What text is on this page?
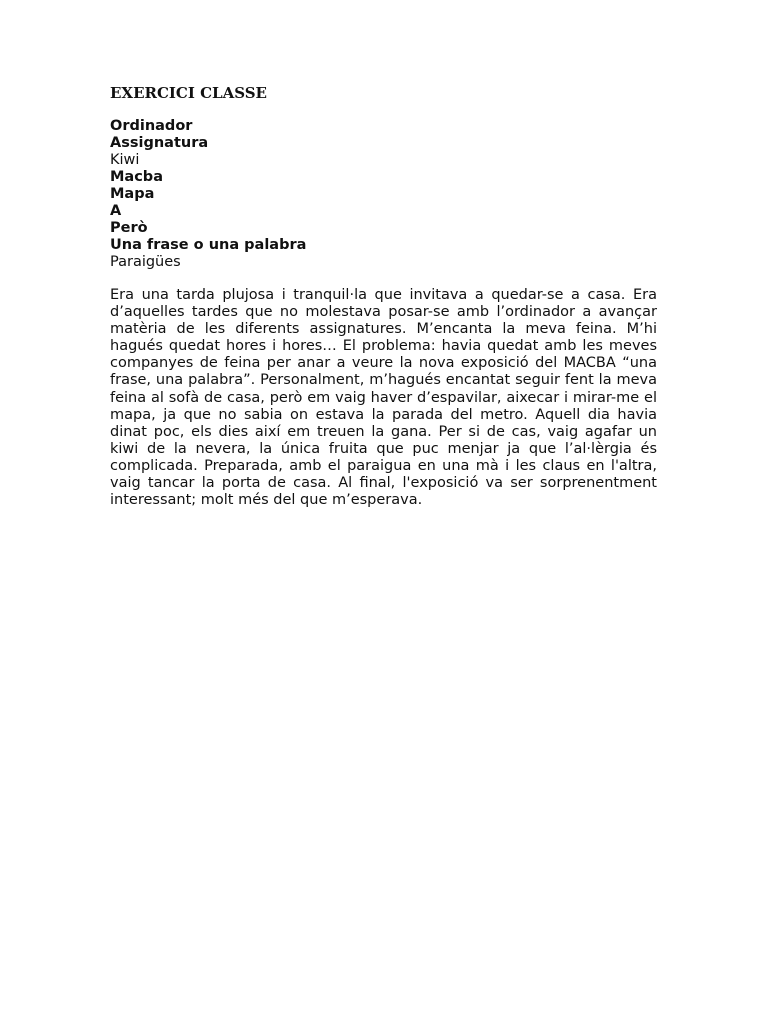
EXERCICI CLASSE
Ordinador
Assignatura
Kiwi
Macba
Mapa
A
Però
Una frase o una palabra
Paraigües

Era una tarda plujosa i tranquil·la que invitava a quedar-se a casa. Era d’aquelles tardes que no molestava posar-se amb l’ordinador a avançar matèria de les diferents assignatures. M’encanta la meva feina. M’hi hagués quedat hores i hores… El problema: havia quedat amb les meves companyes de feina per anar a veure la nova exposició del MACBA “una frase, una palabra”. Personalment, m’hagués encantat seguir fent la meva feina al sofà de casa, però em vaig haver d’espavilar, aixecar i mirar-me el mapa, ja que no sabia on estava la parada del metro. Aquell dia havia dinat poc, els dies així em treuen la gana. Per si de cas, vaig agafar un kiwi de la nevera, la única fruita que puc menjar ja que l’al·lèrgia és complicada. Preparada, amb el paraigua en una mà i les claus en l'altra, vaig tancar la porta de casa. Al final, l'exposició va ser sorprenentment interessant; molt més del que m’esperava.
